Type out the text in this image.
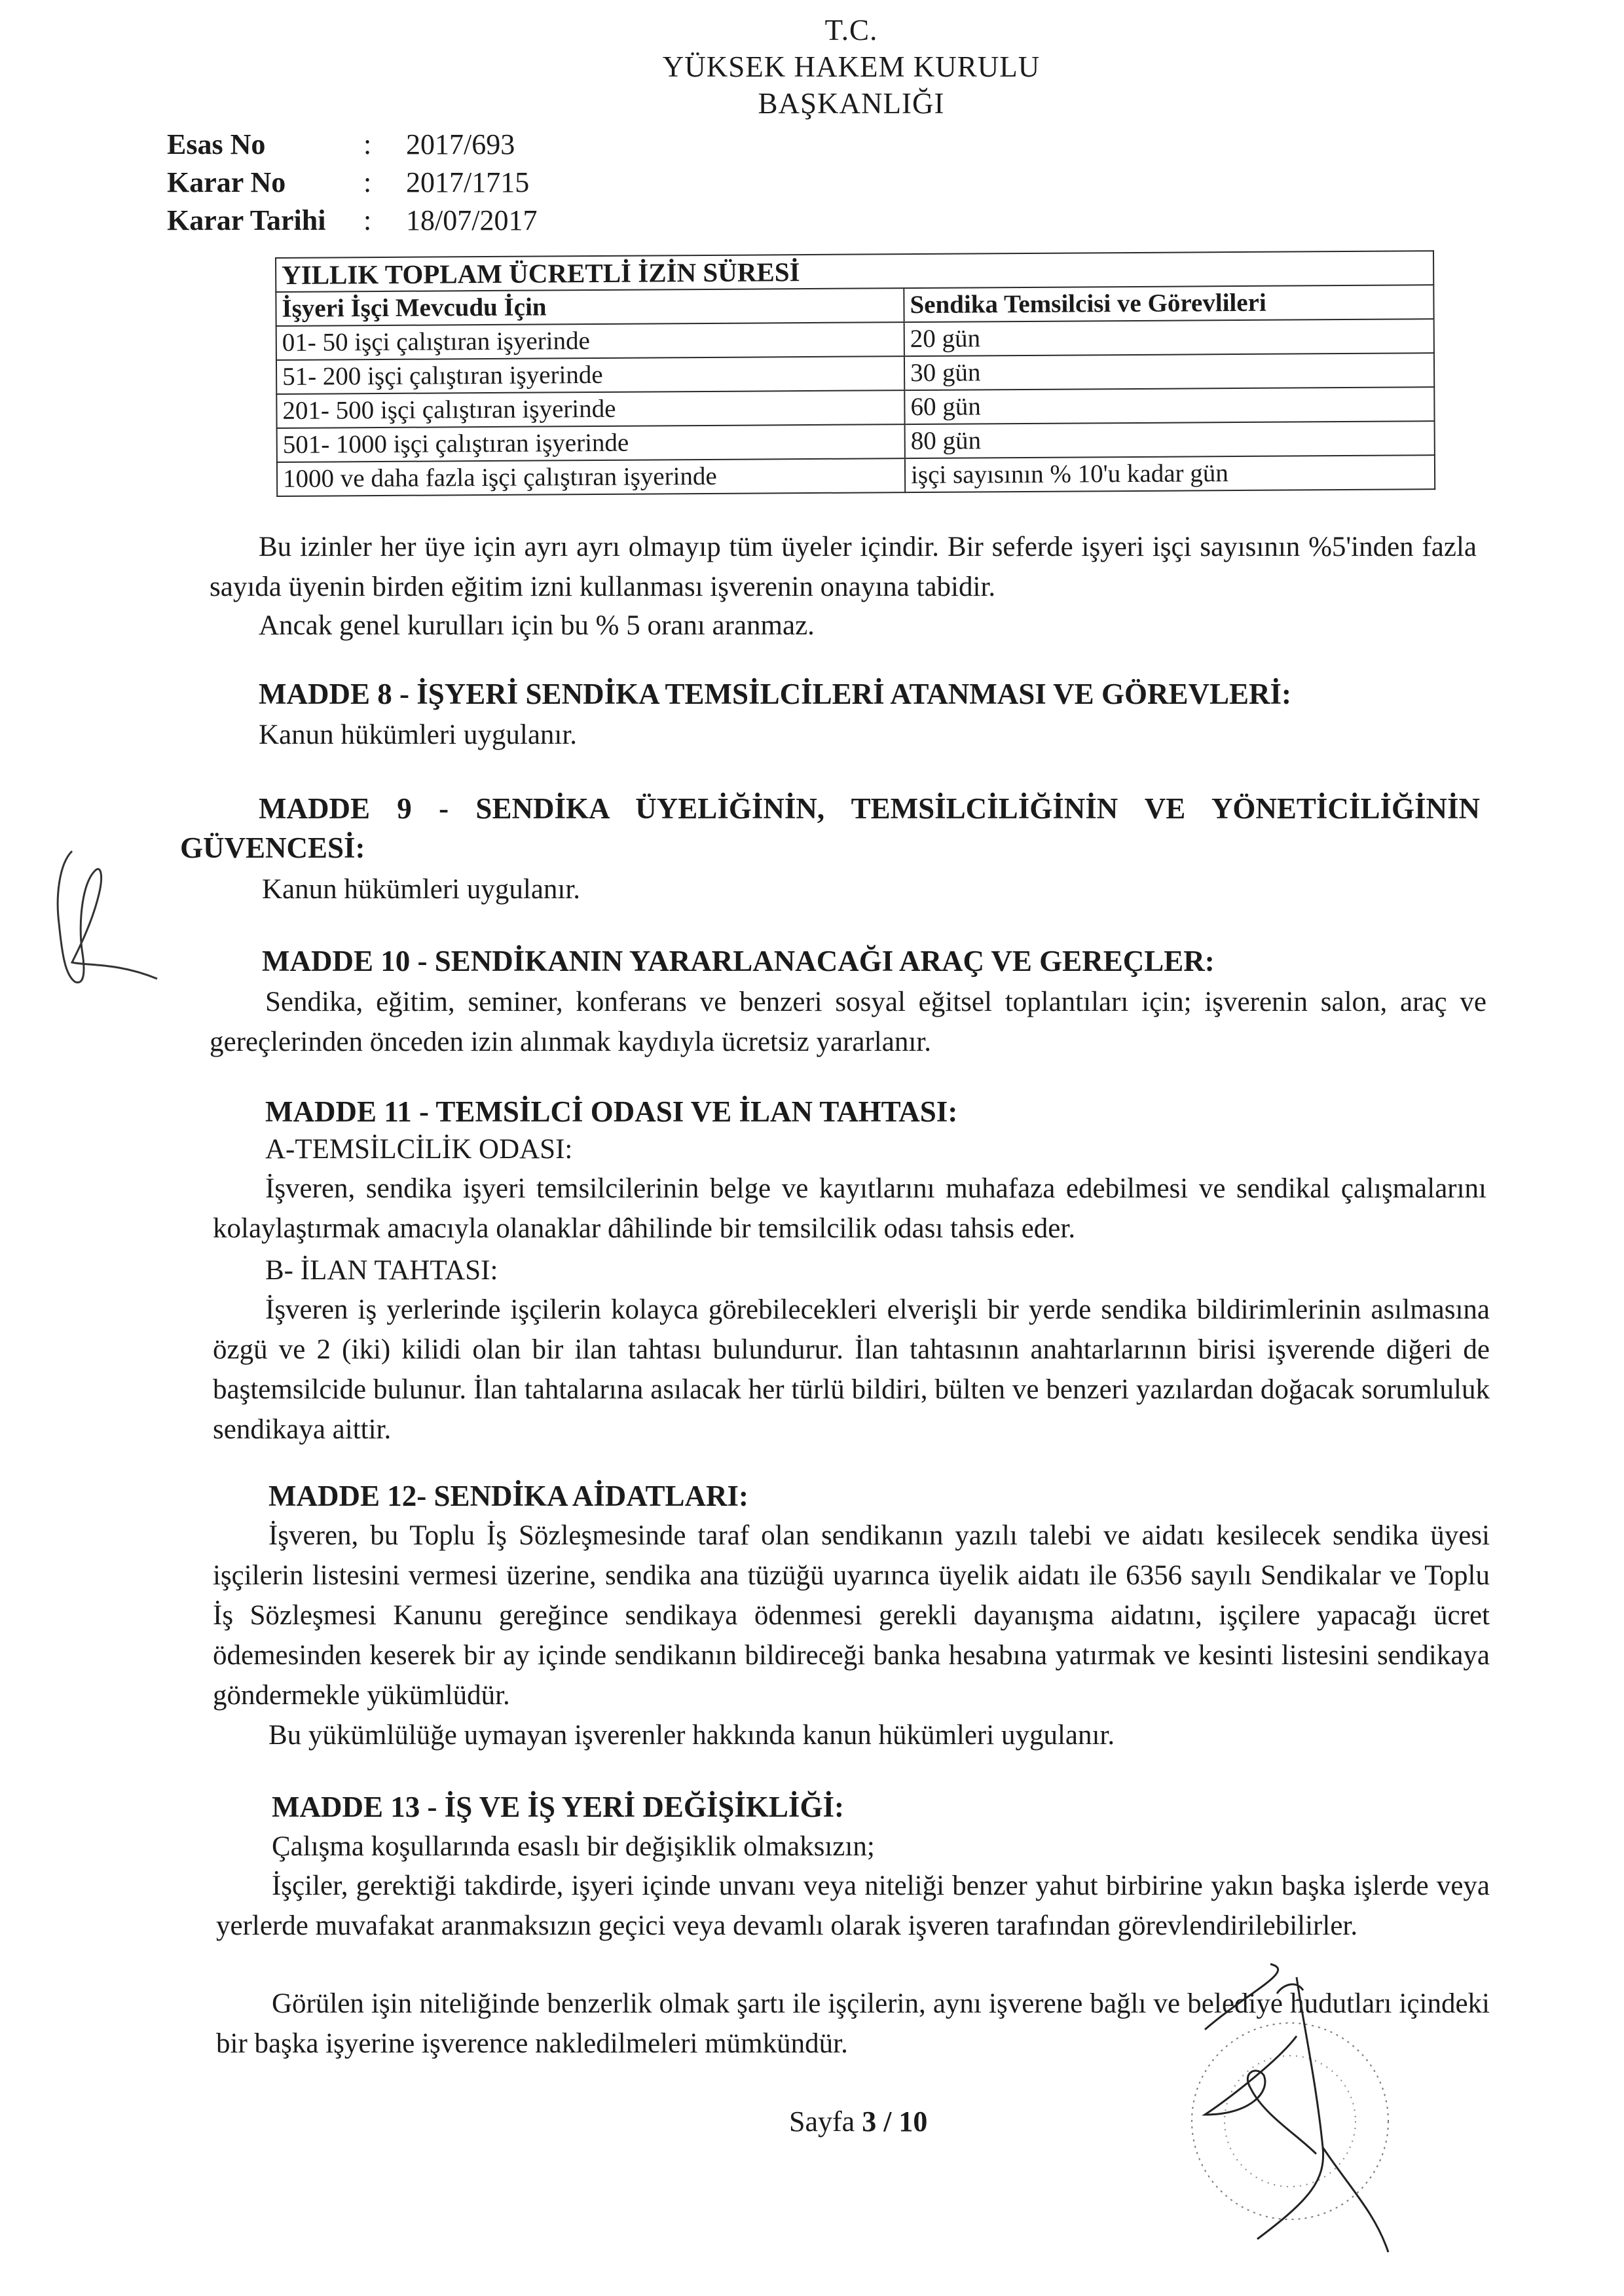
T.C.
YÜKSEK HAKEM KURULU
BAŞKANLIĞI
Esas No	:	2017/693
Karar No	:	2017/1715
Karar Tarihi	:	18/07/2017
YILLIK TOPLAM ÜCRETLİ İZİN SÜRESİ	
İşyeri İşçi Mevcudu İçin	Sendika Temsilcisi ve Görevlileri
01- 50 işçi çalıştıran işyerinde	20 gün
51- 200 işçi çalıştıran işyerinde	30 gün
201- 500 işçi çalıştıran işyerinde	60 gün
501- 1000 işçi çalıştıran işyerinde	80 gün
1000 ve daha fazla işçi çalıştıran işyerinde	işçi sayısının % 10'u kadar gün
Bu izinler her üye için ayrı ayrı olmayıp tüm üyeler içindir. Bir seferde işyeri işçi sayısının %5'inden fazla sayıda üyenin birden eğitim izni kullanması işverenin onayına tabidir.
Ancak genel kurulları için bu % 5 oranı aranmaz.
MADDE 8 - İŞYERİ SENDİKA TEMSİLCİLERİ ATANMASI VE GÖREVLERİ:
Kanun hükümleri uygulanır.
MADDE 9 - SENDİKA ÜYELİĞİNİN, TEMSİLCİLİĞİNİN VE YÖNETİCİLİĞİNİN GÜVENCESİ:
Kanun hükümleri uygulanır.
MADDE 10 - SENDİKANIN YARARLANACAĞI ARAÇ VE GEREÇLER:
Sendika, eğitim, seminer, konferans ve benzeri sosyal eğitsel toplantıları için; işverenin salon, araç ve gereçlerinden önceden izin alınmak kaydıyla ücretsiz yararlanır.
MADDE 11 - TEMSİLCİ ODASI VE İLAN TAHTASI:
A-TEMSİLCİLİK ODASI:
İşveren, sendika işyeri temsilcilerinin belge ve kayıtlarını muhafaza edebilmesi ve sendikal çalışmalarını kolaylaştırmak amacıyla olanaklar dâhilinde bir temsilcilik odası tahsis eder.
B- İLAN TAHTASI:
İşveren iş yerlerinde işçilerin kolayca görebilecekleri elverişli bir yerde sendika bildirimlerinin asılmasına özgü ve 2 (iki) kilidi olan bir ilan tahtası bulundurur. İlan tahtasının anahtarlarının birisi işverende diğeri de baştemsilcide bulunur. İlan tahtalarına asılacak her türlü bildiri, bülten ve benzeri yazılardan doğacak sorumluluk sendikaya aittir.
MADDE 12- SENDİKA AİDATLARI:
İşveren, bu Toplu İş Sözleşmesinde taraf olan sendikanın yazılı talebi ve aidatı kesilecek sendika üyesi işçilerin listesini vermesi üzerine, sendika ana tüzüğü uyarınca üyelik aidatı ile 6356 sayılı Sendikalar ve Toplu İş Sözleşmesi Kanunu gereğince sendikaya ödenmesi gerekli dayanışma aidatını, işçilere yapacağı ücret ödemesinden keserek bir ay içinde sendikanın bildireceği banka hesabına yatırmak ve kesinti listesini sendikaya göndermekle yükümlüdür.
Bu yükümlülüğe uymayan işverenler hakkında kanun hükümleri uygulanır.
MADDE 13 - İŞ VE İŞ YERİ DEĞİŞİKLİĞİ:
Çalışma koşullarında esaslı bir değişiklik olmaksızın;
İşçiler, gerektiği takdirde, işyeri içinde unvanı veya niteliği benzer yahut birbirine yakın başka işlerde veya yerlerde muvafakat aranmaksızın geçici veya devamlı olarak işveren tarafından görevlendirilebilirler.
Görülen işin niteliğinde benzerlik olmak şartı ile işçilerin, aynı işverene bağlı ve belediye hudutları içindeki bir başka işyerine işverence nakledilmeleri mümkündür.
Sayfa 3 / 10
